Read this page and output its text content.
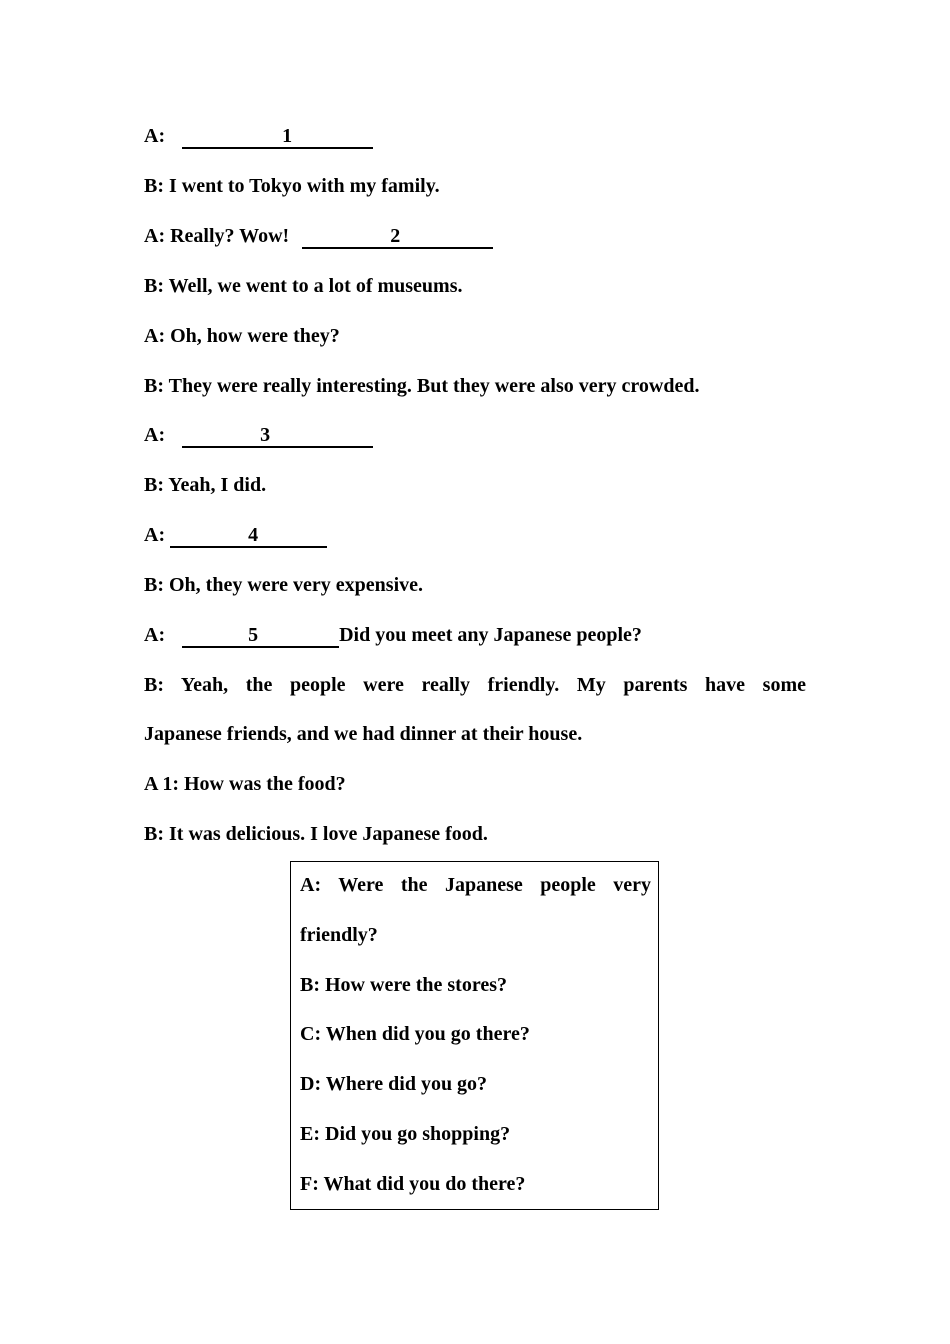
A:	1
B: I went to Tokyo with my family.
A: Really? Wow!	2
B: Well, we went to a lot of museums.
A: Oh, how were they?
B: They were really interesting. But they were also very crowded.
A:	3
B: Yeah, I did.
A:	4
B: Oh, they were very expensive.
A:	5	Did you meet any Japanese people?
B: Yeah, the people were really friendly. My parents have some
Japanese friends, and we had dinner at their house.
A 1: How was the food?
B: It was delicious. I love Japanese food.
A: Were the Japanese people very
friendly?
B: How were the stores?
C: When did you go there?
D: Where did you go?
E: Did you go shopping?
F: What did you do there?
